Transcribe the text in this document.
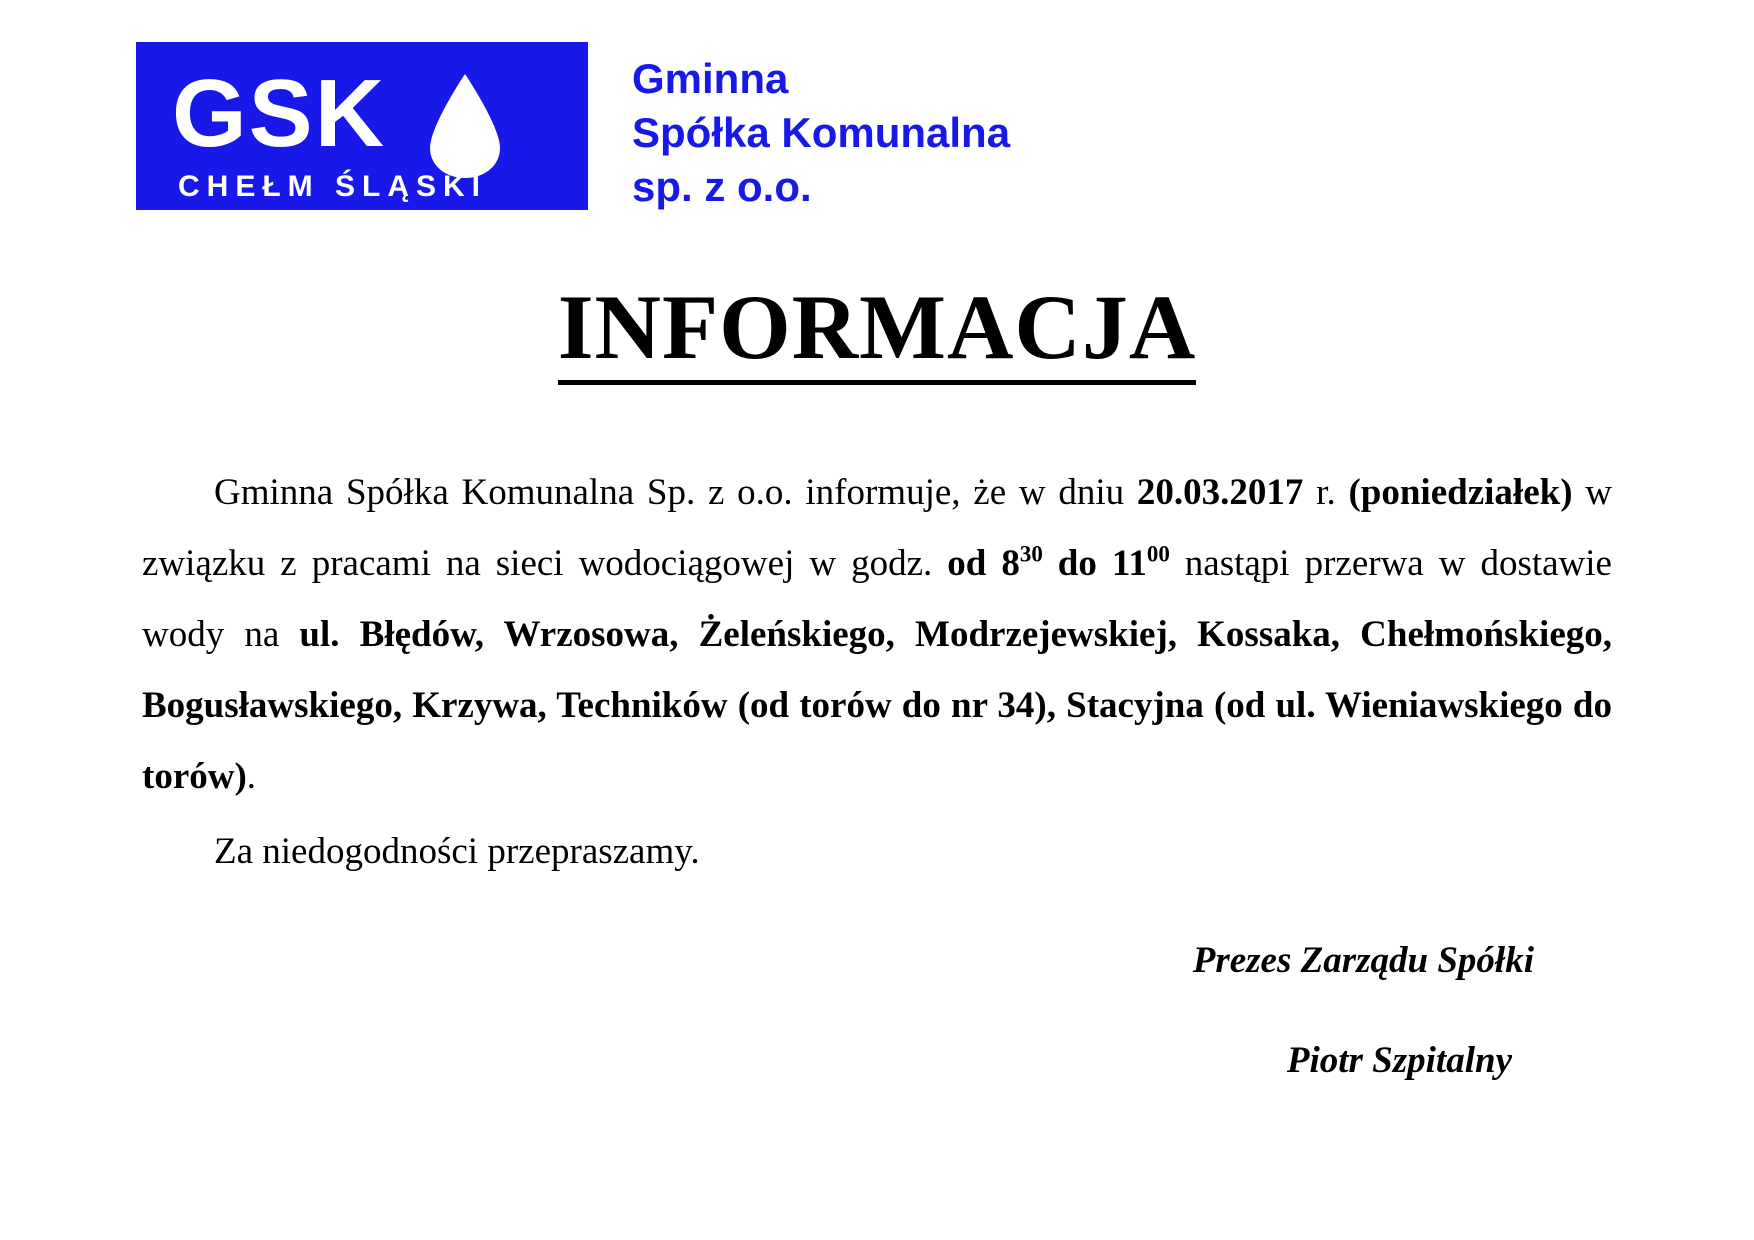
GSK
CHEŁM ŚLĄSKI
Gminna
Spółka Komunalna
sp. z o.o.
INFORMACJA

Gminna Spółka Komunalna Sp. z o.o. informuje, że w dniu 20.03.2017 r. (poniedziałek) w związku z pracami na sieci wodociągowej w godz. od $8^{30}$ do $11^{00}$ nastąpi przerwa w dostawie wody na ul. Błędów, Wrzosowa, Żeleńskiego, Modrzejewskiej, Kossaka, Chełmońskiego, Bogusławskiego, Krzywa, Techników (od torów do nr 34), Stacyjna (od ul. Wieniawskiego do torów).

Za niedogodności przepraszamy.

Prezes Zarządu Spółki
Piotr Szpitalny
